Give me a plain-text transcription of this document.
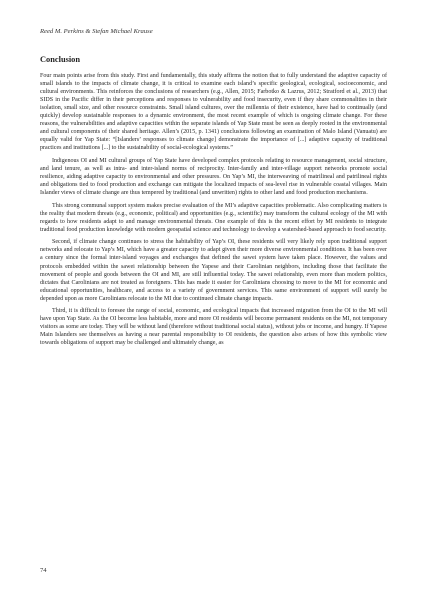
Reed M. Perkins & Stefan Michael Krause
Conclusion

Four main points arise from this study. First and fundamentally, this study affirms the notion that to fully understand the adaptive capacity of small islands to the impacts of climate change, it is critical to examine each island’s specific geological, ecological, socioeconomic, and cultural environments. This reinforces the conclusions of researchers (e.g., Allen, 2015; Farbotko & Lazrus, 2012; Stratford et al., 2013) that SIDS in the Pacific differ in their perceptions and responses to vulnerability and food insecurity, even if they share commonalities in their isolation, small size, and other resource constraints. Small island cultures, over the millennia of their existence, have had to continually (and quickly) develop sustainable responses to a dynamic environment, the most recent example of which is ongoing climate change. For these reasons, the vulnerabilities and adaptive capacities within the separate islands of Yap State must be seen as deeply rooted in the environmental and cultural components of their shared heritage. Allen’s (2015, p. 1341) conclusions following an examination of Malo Island (Vanuatu) are equally valid for Yap State: “[Islanders’ responses to climate change] demonstrate the importance of [...] adaptive capacity of traditional practices and institutions [...] to the sustainability of social-ecological systems.”

Indigenous OI and MI cultural groups of Yap State have developed complex protocols relating to resource management, social structure, and land tenure, as well as intra- and inter-island norms of reciprocity. Inter-family and inter-village support networks promote social resilience, aiding adaptive capacity to environmental and other pressures. On Yap’s MI, the interweaving of matrilineal and patrilineal rights and obligations tied to food production and exchange can mitigate the localized impacts of sea-level rise in vulnerable coastal villages. Main Islander views of climate change are thus tempered by traditional (and unwritten) rights to other land and food production mechanisms.

This strong communal support system makes precise evaluation of the MI’s adaptive capacities problematic. Also complicating matters is the reality that modern threats (e.g., economic, political) and opportunities (e.g., scientific) may transform the cultural ecology of the MI with regards to how residents adapt to and manage environmental threats. One example of this is the recent effort by MI residents to integrate traditional food production knowledge with modern geospatial science and technology to develop a watershed-based approach to food security.

Second, if climate change continues to stress the habitability of Yap’s OI, these residents will very likely rely upon traditional support networks and relocate to Yap’s MI, which have a greater capacity to adapt given their more diverse environmental conditions. It has been over a century since the formal inter-island voyages and exchanges that defined the sawei system have taken place. However, the values and protocols embedded within the sawei relationship between the Yapese and their Carolinian neighbors, including those that facilitate the movement of people and goods between the OI and MI, are still influential today. The sawei relationship, even more than modern politics, dictates that Carolinians are not treated as foreigners. This has made it easier for Carolinians choosing to move to the MI for economic and educational opportunities, healthcare, and access to a variety of government services. This same environment of support will surely be depended upon as more Carolinians relocate to the MI due to continued climate change impacts.

Third, it is difficult to foresee the range of social, economic, and ecological impacts that increased migration from the OI to the MI will have upon Yap State. As the OI become less habitable, more and more OI residents will become permanent residents on the MI, not temporary visitors as some are today. They will be without land (therefore without traditional social status), without jobs or income, and hungry. If Yapese Main Islanders see themselves as having a near parental responsibility to OI residents, the question also arises of how this symbolic view towards obligations of support may be challenged and ultimately change, as

74
